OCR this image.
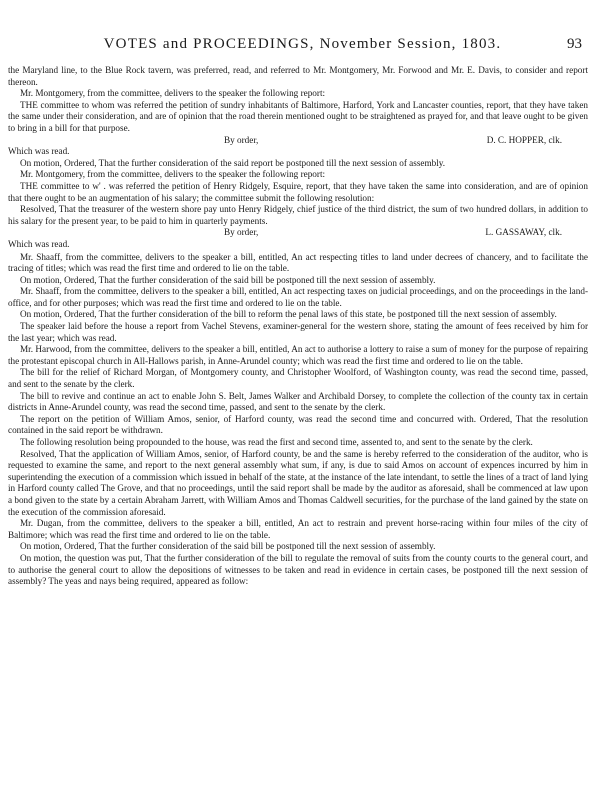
VOTES and PROCEEDINGS, November Session, 1803.	93

the Maryland line, to the Blue Rock tavern, was preferred, read, and referred to Mr. Montgomery, Mr. Forwood and Mr. E. Davis, to consider and report thereon.

Mr. Montgomery, from the committee, delivers to the speaker the following report:

THE committee to whom was referred the petition of sundry inhabitants of Baltimore, Harford, York and Lancaster counties, report, that they have taken the same under their consideration, and are of opinion that the road therein mentioned ought to be straightened as prayed for, and that leave ought to be given to bring in a bill for that purpose.

By order,	D. C. HOPPER, clk.

Which was read.

On motion, Ordered, That the further consideration of the said report be postponed till the next session of assembly.

Mr. Montgomery, from the committee, delivers to the speaker the following report:

THE committee to w' . was referred the petition of Henry Ridgely, Esquire, report, that they have taken the same into consideration, and are of opinion that there ought to be an augmentation of his salary; the committee submit the following resolution:

Resolved, That the treasurer of the western shore pay unto Henry Ridgely, chief justice of the third district, the sum of two hundred dollars, in addition to his salary for the present year, to be paid to him in quarterly payments.

By order,	L. GASSAWAY, clk.

Which was read.

Mr. Shaaff, from the committee, delivers to the speaker a bill, entitled, An act respecting titles to land under decrees of chancery, and to facilitate the tracing of titles; which was read the first time and ordered to lie on the table.

On motion, Ordered, That the further consideration of the said bill be postponed till the next session of assembly.

Mr. Shaaff, from the committee, delivers to the speaker a bill, entitled, An act respecting taxes on judicial proceedings, and on the proceedings in the land-office, and for other purposes; which was read the first time and ordered to lie on the table.

On motion, Ordered, That the further consideration of the bill to reform the penal laws of this state, be postponed till the next session of assembly.

The speaker laid before the house a report from Vachel Stevens, examiner-general for the western shore, stating the amount of fees received by him for the last year; which was read.

Mr. Harwood, from the committee, delivers to the speaker a bill, entitled, An act to authorise a lottery to raise a sum of money for the purpose of repairing the protestant episcopal church in All-Hallows parish, in Anne-Arundel county; which was read the first time and ordered to lie on the table.

The bill for the relief of Richard Morgan, of Montgomery county, and Christopher Woolford, of Washington county, was read the second time, passed, and sent to the senate by the clerk.

The bill to revive and continue an act to enable John S. Belt, James Walker and Archibald Dorsey, to complete the collection of the county tax in certain districts in Anne-Arundel county, was read the second time, passed, and sent to the senate by the clerk.

The report on the petition of William Amos, senior, of Harford county, was read the second time and concurred with. Ordered, That the resolution contained in the said report be withdrawn.

The following resolution being propounded to the house, was read the first and second time, assented to, and sent to the senate by the clerk.

Resolved, That the application of William Amos, senior, of Harford county, be and the same is hereby referred to the consideration of the auditor, who is requested to examine the same, and report to the next general assembly what sum, if any, is due to said Amos on account of expences incurred by him in superintending the execution of a commission which issued in behalf of the state, at the instance of the late intendant, to settle the lines of a tract of land lying in Harford county called The Grove, and that no proceedings, until the said report shall be made by the auditor as aforesaid, shall be commenced at law upon a bond given to the state by a certain Abraham Jarrett, with William Amos and Thomas Caldwell securities, for the purchase of the land gained by the state on the execution of the commission aforesaid.

Mr. Dugan, from the committee, delivers to the speaker a bill, entitled, An act to restrain and prevent horse-racing within four miles of the city of Baltimore; which was read the first time and ordered to lie on the table.

On motion, Ordered, That the further consideration of the said bill be postponed till the next session of assembly.

On motion, the question was put, That the further consideration of the bill to regulate the removal of suits from the county courts to the general court, and to authorise the general court to allow the depositions of witnesses to be taken and read in evidence in certain cases, be postponed till the next session of assembly? The yeas and nays being required, appeared as follow:
